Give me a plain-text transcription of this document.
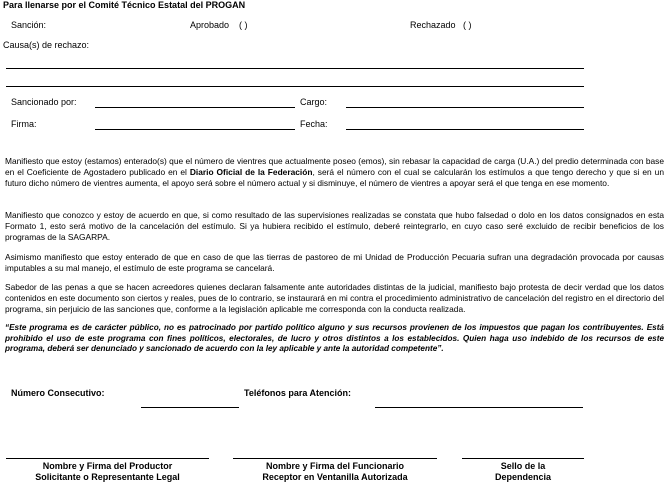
Para llenarse por el Comité Técnico Estatal del PROGAN
Sanción:	Aprobado ( )	Rechazado ( )
Causa(s) de rechazo:
Sancionado por:	Cargo:
Firma:	Fecha:
Manifiesto que estoy (estamos) enterado(s) que el número de vientres que actualmente poseo (emos), sin rebasar la capacidad de carga (U.A.) del predio determinada con base en el Coeficiente de Agostadero publicado en el Diario Oficial de la Federación, será el número con el cual se calcularán los estímulos a que tengo derecho y que si en un futuro dicho número de vientres aumenta, el apoyo será sobre el número actual y si disminuye, el número de vientres a apoyar será el que tenga en ese momento.
Manifiesto que conozco y estoy de acuerdo en que, si como resultado de las supervisiones realizadas se constata que hubo falsedad o dolo en los datos consignados en esta Formato 1, esto será motivo de la cancelación del estímulo. Si ya hubiera recibido el estímulo, deberé reintegrarlo, en cuyo caso seré excluido de recibir beneficios de los programas de la SAGARPA.
Asimismo manifiesto que estoy enterado de que en caso de que las tierras de pastoreo de mi Unidad de Producción Pecuaria sufran una degradación provocada por causas imputables a su mal manejo, el estímulo de este programa se cancelará.
Sabedor de las penas a que se hacen acreedores quienes declaran falsamente ante autoridades distintas de la judicial, manifiesto bajo protesta de decir verdad que los datos contenidos en este documento son ciertos y reales, pues de lo contrario, se instaurará en mi contra el procedimiento administrativo de cancelación del registro en el directorio del programa, sin perjuicio de las sanciones que, conforme a la legislación aplicable me corresponda con la conducta realizada.
“Este programa es de carácter público, no es patrocinado por partido político alguno y sus recursos provienen de los impuestos que pagan los contribuyentes. Está prohibido el uso de este programa con fines políticos, electorales, de lucro y otros distintos a los establecidos. Quien haga uso indebido de los recursos de este programa, deberá ser denunciado y sancionado de acuerdo con la ley aplicable y ante la autoridad competente”.
Número Consecutivo:	Teléfonos para Atención:
Nombre y Firma del Productor
Solicitante o Representante Legal
Nombre y Firma del Funcionario
Receptor en Ventanilla Autorizada
Sello de la
Dependencia
